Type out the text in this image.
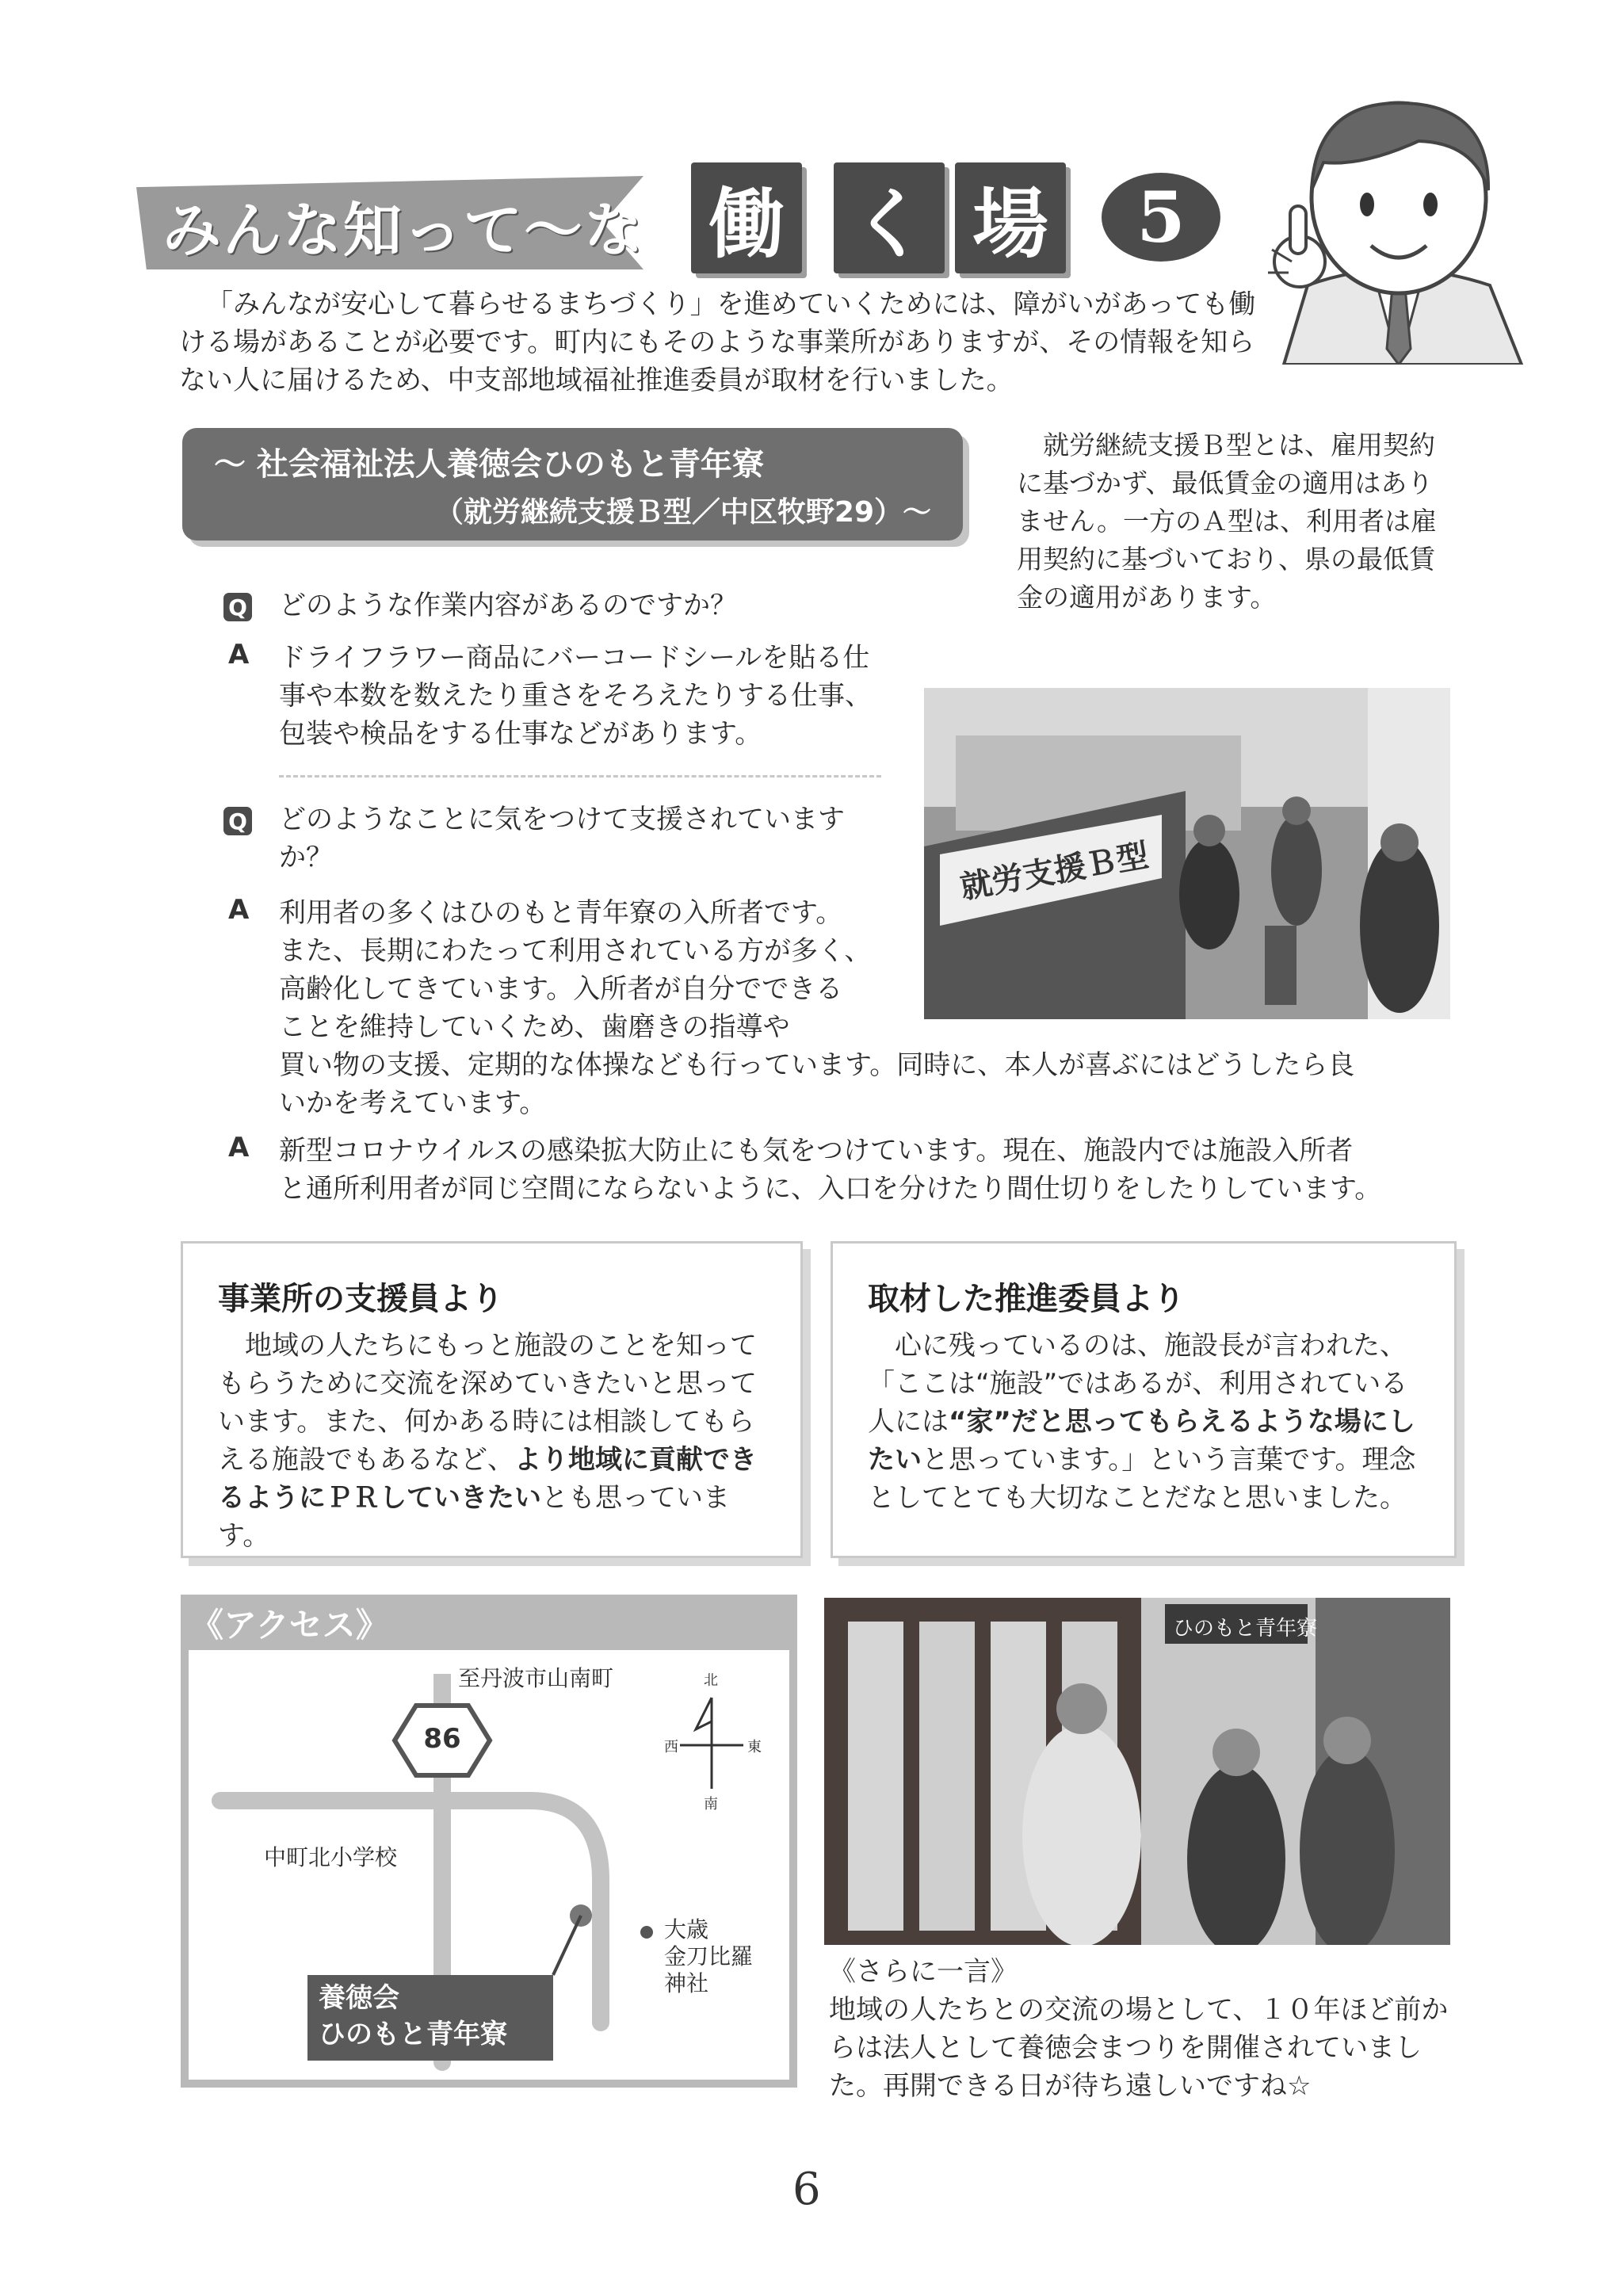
みんな知って〜な 働 く 場	5

「みんなが安心して暮らせるまちづくり」を進めていくためには、障がいがあっても働ける場があることが必要です。町内にもそのような事業所がありますが、その情報を知らない人に届けるため、中支部地域福祉推進委員が取材を行いました。

〜 社会福祉法人養徳会ひのもと青年寮
（就労継続支援Ｂ型／中区牧野29）〜

就労継続支援Ｂ型とは、雇用契約に基づかず、最低賃金の適用はありません。一方のＡ型は、利用者は雇用契約に基づいており、県の最低賃金の適用があります。

Q どのような作業内容があるのですか？
A ドライフラワー商品にバーコードシールを貼る仕事や本数を数えたり重さをそろえたりする仕事、包装や検品をする仕事などがあります。
Q どのようなことに気をつけて支援されていますか？
A 利用者の多くはひのもと青年寮の入所者です。
また、長期にわたって利用されている方が多く、
高齢化してきています。入所者が自分でできる
ことを維持していくため、歯磨きの指導や
買い物の支援、定期的な体操なども行っています。同時に、本人が喜ぶにはどうしたら良
いかを考えています。
A 新型コロナウイルスの感染拡大防止にも気をつけています。現在、施設内では施設入所者
と通所利用者が同じ空間にならないように、入口を分けたり間仕切りをしたりしています。
就労支援Ｂ型
事業所の支援員より

地域の人たちにもっと施設のことを知ってもらうために交流を深めていきたいと思っています。また、何かある時には相談してもらえる施設でもあるなど、より地域に貢献できるようにＰＲしていきたいとも思っています。

取材した推進委員より

心に残っているのは、施設長が言われた、「ここは“施設”ではあるが、利用されている人には“家”だと思ってもらえるような場にしたいと思っています。」という言葉です。理念としてとても大切なことだなと思いました。

《アクセス》
至丹波市山南町
86
中町北小学校
大歳
金刀比羅
神社
養徳会
ひのもと青年寮
北
西	東
南
ひのもと青年寮

《さらに一言》

地域の人たちとの交流の場として、１０年ほど前からは法人として養徳会まつりを開催されていました。再開できる日が待ち遠しいですね☆

6
